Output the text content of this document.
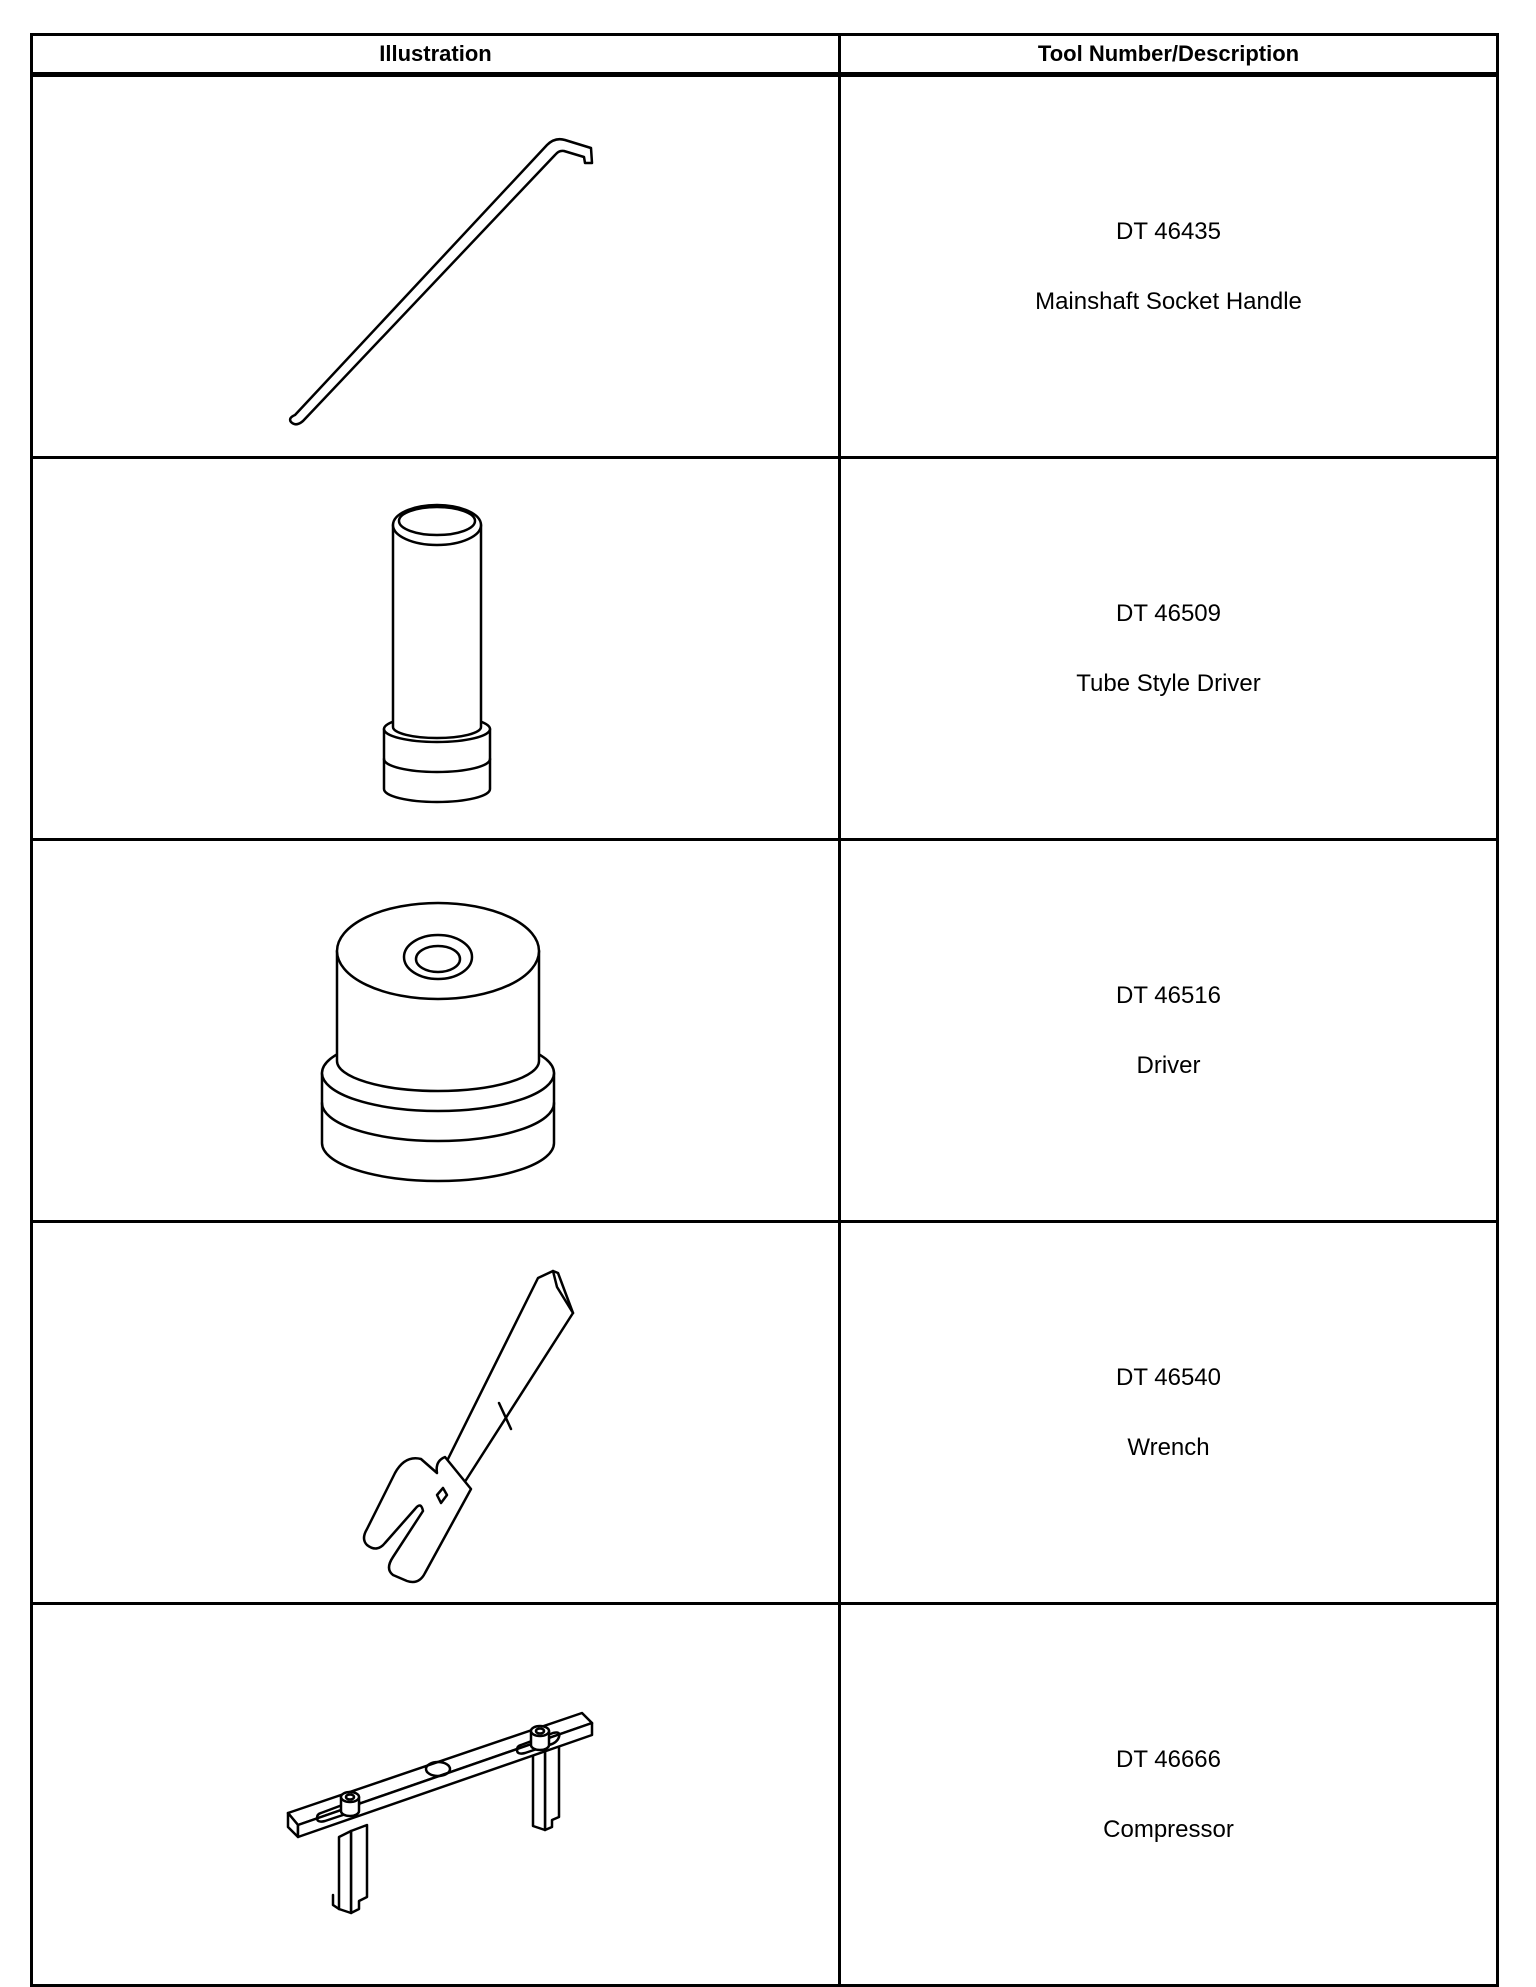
Illustration	Tool Number/Description

DT 46435
Mainshaft Socket Handle

DT 46509
Tube Style Driver

DT 46516
Driver

DT 46540
Wrench

DT 46666
Compressor
